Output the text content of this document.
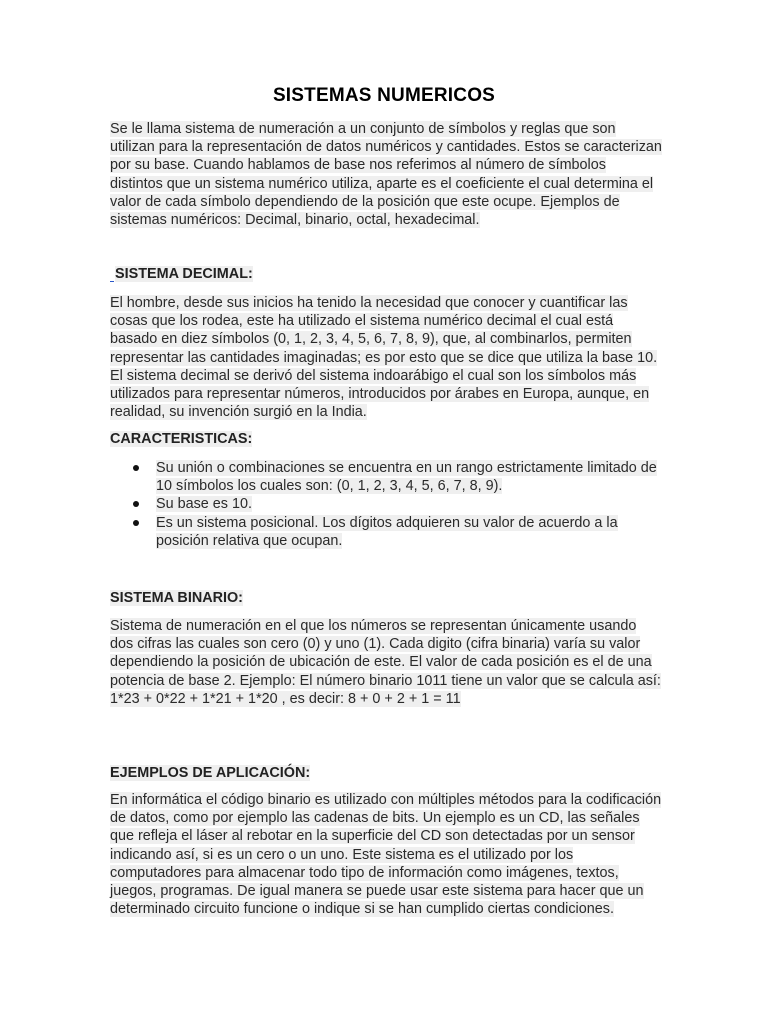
SISTEMAS NUMERICOS
Se le llama sistema de numeración a un conjunto de símbolos y reglas que son utilizan para la representación de datos numéricos y cantidades. Estos se caracterizan por su base. Cuando hablamos de base nos referimos al número de símbolos distintos que un sistema numérico utiliza, aparte es el coeficiente el cual determina el valor de cada símbolo dependiendo de la posición que este ocupe. Ejemplos de sistemas numéricos: Decimal, binario, octal, hexadecimal.
SISTEMA DECIMAL:
El hombre, desde sus inicios ha tenido la necesidad que conocer y cuantificar las cosas que los rodea, este ha utilizado el sistema numérico decimal el cual está basado en diez símbolos (0, 1, 2, 3, 4, 5, 6, 7, 8, 9), que, al combinarlos, permiten representar las cantidades imaginadas; es por esto que se dice que utiliza la base 10. El sistema decimal se derivó del sistema indoarábigo el cual son los símbolos más utilizados para representar números, introducidos por árabes en Europa, aunque, en realidad, su invención surgió en la India.
CARACTERISTICAS:
Su unión o combinaciones se encuentra en un rango estrictamente limitado de 10 símbolos los cuales son: (0, 1, 2, 3, 4, 5, 6, 7, 8, 9).
Su base es 10.
Es un sistema posicional. Los dígitos adquieren su valor de acuerdo a la posición relativa que ocupan.
SISTEMA BINARIO:
Sistema de numeración en el que los números se representan únicamente usando dos cifras las cuales son cero (0) y uno (1). Cada digito (cifra binaria) varía su valor dependiendo la posición de ubicación de este. El valor de cada posición es el de una potencia de base 2. Ejemplo: El número binario 1011 tiene un valor que se calcula así: 1*23 + 0*22 + 1*21 + 1*20 , es decir: 8 + 0 + 2 + 1 = 11
EJEMPLOS DE APLICACIÓN:
En informática el código binario es utilizado con múltiples métodos para la codificación de datos, como por ejemplo las cadenas de bits. Un ejemplo es un CD, las señales que refleja el láser al rebotar en la superficie del CD son detectadas por un sensor indicando así, si es un cero o un uno. Este sistema es el utilizado por los computadores para almacenar todo tipo de información como imágenes, textos, juegos, programas. De igual manera se puede usar este sistema para hacer que un determinado circuito funcione o indique si se han cumplido ciertas condiciones.
